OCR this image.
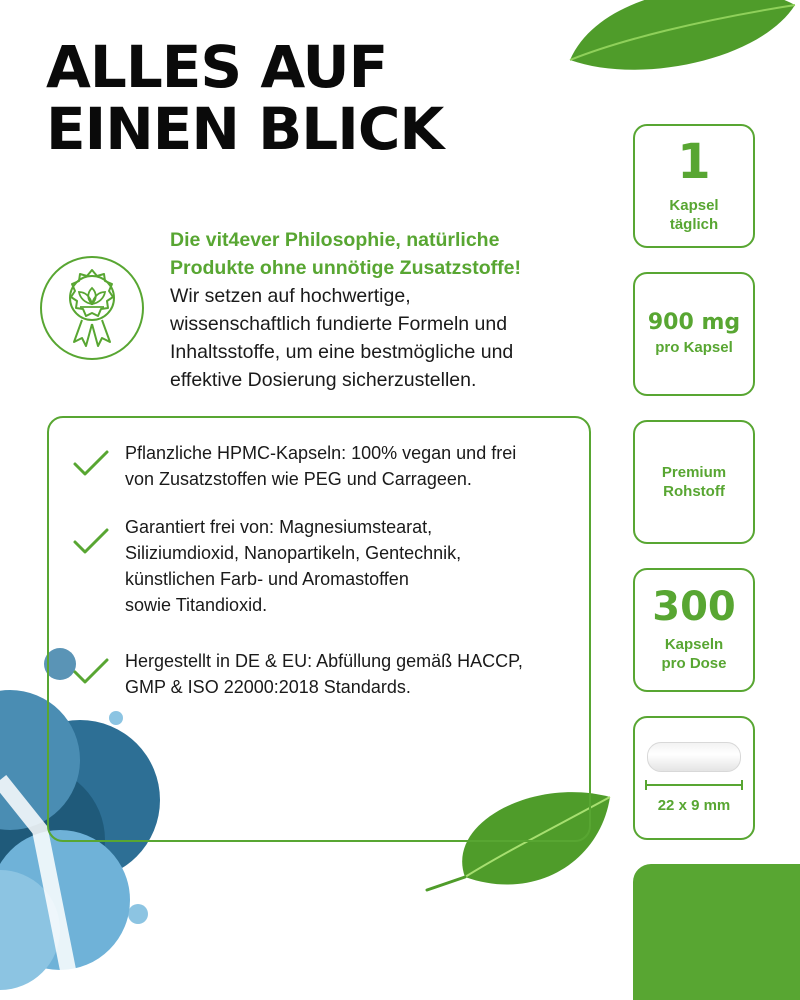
ALLES AUF
EINEN BLICK
Die vit4ever Philosophie, natürliche
Produkte ohne unnötige Zusatzstoffe!
Wir setzen auf hochwertige,
wissenschaftlich fundierte Formeln und
Inhaltsstoffe, um eine bestmögliche und
effektive Dosierung sicherzustellen.
Pflanzliche HPMC-Kapseln: 100% vegan und frei
von Zusatzstoffen wie PEG und Carrageen.
Garantiert frei von: Magnesiumstearat,
Siliziumdioxid, Nanopartikeln, Gentechnik,
künstlichen Farb- und Aromastoffen
sowie Titandioxid.
Hergestellt in DE & EU: Abfüllung gemäß HACCP,
GMP & ISO 22000:2018 Standards.
1
Kapsel
täglich
900 mg
pro Kapsel
Premium
Rohstoff
300
Kapseln
pro Dose
22 x 9 mm
